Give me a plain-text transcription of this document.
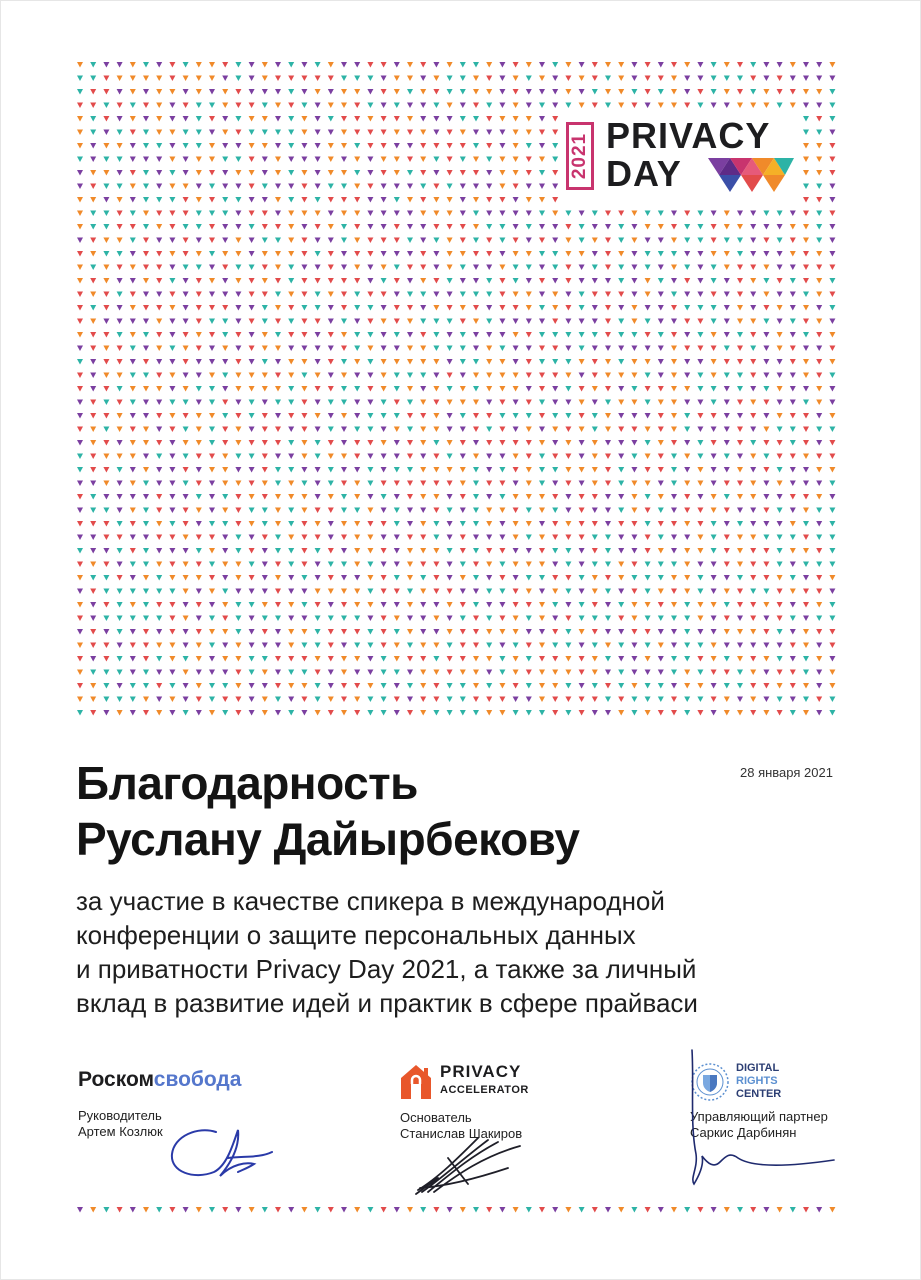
2021 PRIVACY
DAY
28 января 2021
Благодарность
Руслану Дайырбекову

за участие в качестве спикера в международной
конференции о защите персональных данных
и приватности Privacy Day 2021, а также за личный
вклад в развитие идей и практик в сфере прайваси

Роскомсвобода
Руководитель
Артем Козлюк
PRIVACY
ACCELERATOR
Основатель
Станислав Шакиров
DIGITAL
RIGHTS
CENTER
Управляющий партнер
Саркис Дарбинян
